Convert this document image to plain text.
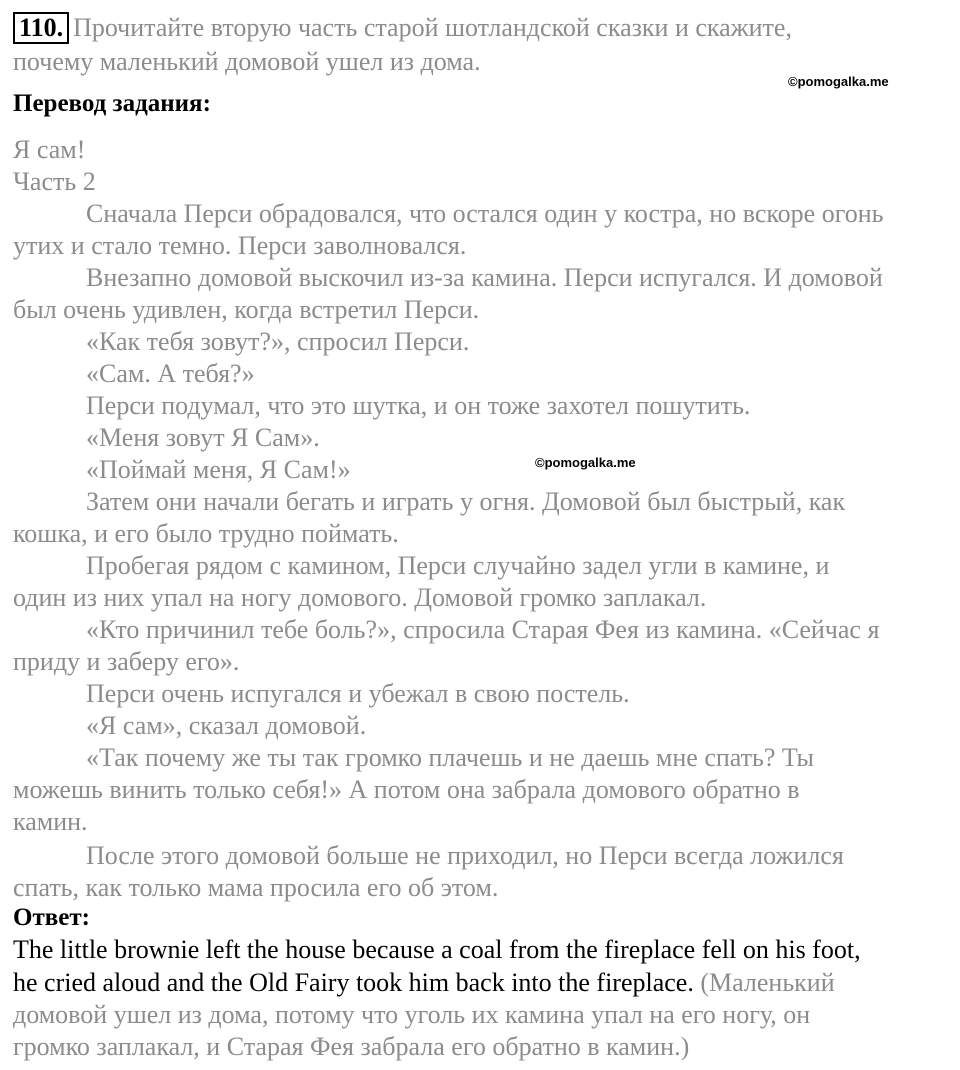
110. Прочитайте вторую часть старой шотландской сказки и скажите,
почему маленький домовой ушел из дома.
©pomogalka.me
Перевод задания:
Я сам!
Часть 2
Сначала Перси обрадовался, что остался один у костра, но вскоре огонь
утих и стало темно. Перси заволновался.
Внезапно домовой выскочил из-за камина. Перси испугался. И домовой
был очень удивлен, когда встретил Перси.
«Как тебя зовут?», спросил Перси.
«Сам. А тебя?»
Перси подумал, что это шутка, и он тоже захотел пошутить.
«Меня зовут Я Сам».
«Поймай меня, Я Сам!»	©pomogalka.me
Затем они начали бегать и играть у огня. Домовой был быстрый, как
кошка, и его было трудно поймать.
Пробегая рядом с камином, Перси случайно задел угли в камине, и
один из них упал на ногу домового. Домовой громко заплакал.
«Кто причинил тебе боль?», спросила Старая Фея из камина. «Сейчас я
приду и заберу его».
Перси очень испугался и убежал в свою постель.
«Я сам», сказал домовой.
«Так почему же ты так громко плачешь и не даешь мне спать? Ты
можешь винить только себя!» А потом она забрала домового обратно в
камин.
После этого домовой больше не приходил, но Перси всегда ложился
спать, как только мама просила его об этом.
Ответ:
The little brownie left the house because a coal from the fireplace fell on his foot,
he cried aloud and the Old Fairy took him back into the fireplace. (Маленький
домовой ушел из дома, потому что уголь их камина упал на его ногу, он
громко заплакал, и Старая Фея забрала его обратно в камин.)
